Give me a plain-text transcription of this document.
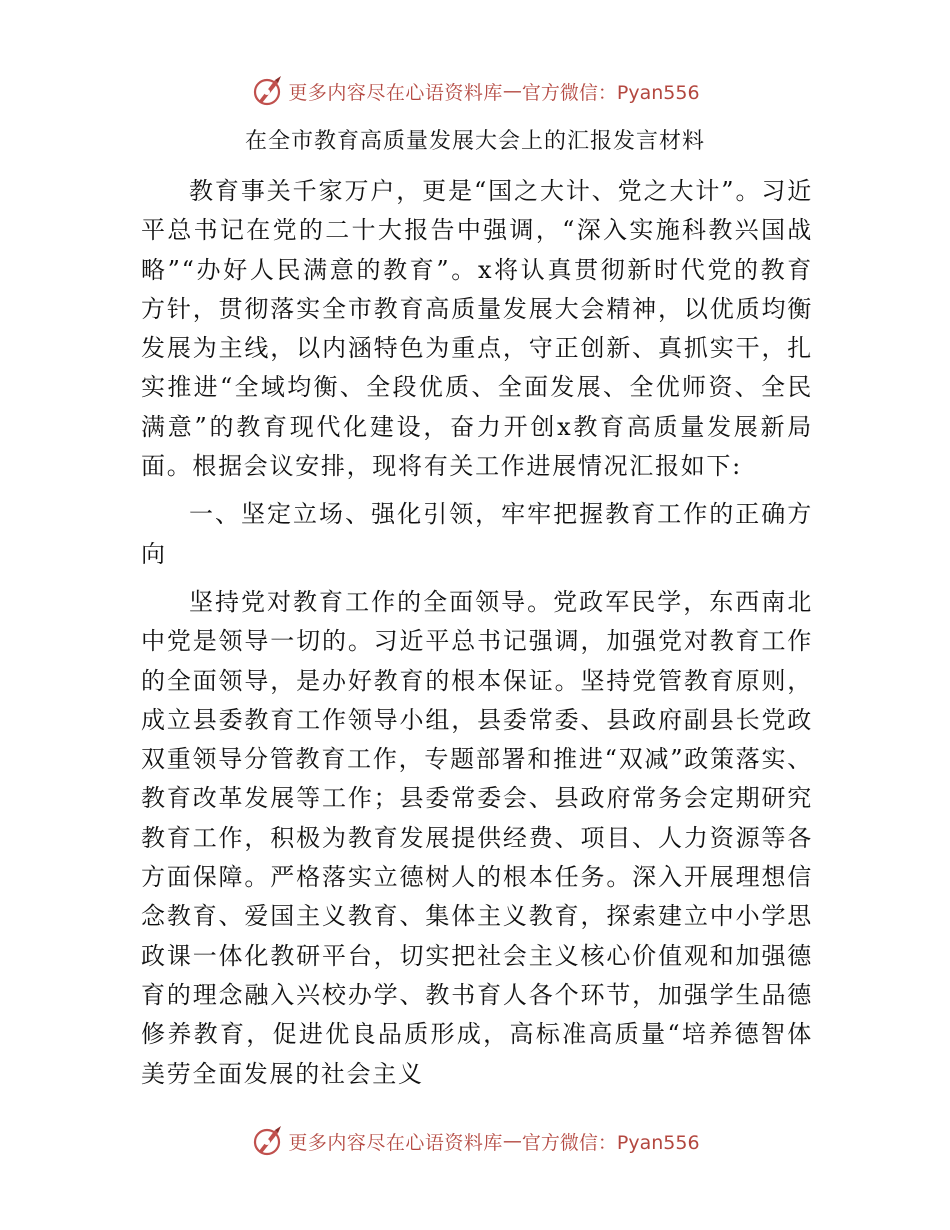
更多内容尽在心语资料库 — 官方微信：Pyan556
在全市教育高质量发展大会上的汇报发言材料

教育事关千家万户，更是“国之大计、党之大计”。习近平总书记在党的二十大报告中强调，“深入实施科教兴国战略”“办好人民满意的教育”。x将认真贯彻新时代党的教育方针，贯彻落实全市教育高质量发展大会精神，以优质均衡发展为主线，以内涵特色为重点，守正创新、真抓实干，扎实推进“全域均衡、全段优质、全面发展、全优师资、全民满意”的教育现代化建设，奋力开创x教育高质量发展新局面。根据会议安排，现将有关工作进展情况汇报如下:

一、坚定立场、强化引领，牢牢把握教育工作的正确方向

坚持党对教育工作的全面领导。党政军民学，东西南北中党是领导一切的。习近平总书记强调，加强党对教育工作的全面领导，是办好教育的根本保证。坚持党管教育原则，成立县委教育工作领导小组，县委常委、县政府副县长党政双重领导分管教育工作，专题部署和推进“双减”政策落实、教育改革发展等工作；县委常委会、县政府常务会定期研究教育工作，积极为教育发展提供经费、项目、人力资源等各方面保障。严格落实立德树人的根本任务。深入开展理想信念教育、爱国主义教育、集体主义教育，探索建立中小学思政课一体化教研平台，切实把社会主义核心价值观和加强德育的理念融入兴校办学、教书育人各个环节，加强学生品德修养教育，促进优良品质形成，高标准高质量“培养德智体美劳全面发展的社会主义

更多内容尽在心语资料库 — 官方微信：Pyan556
